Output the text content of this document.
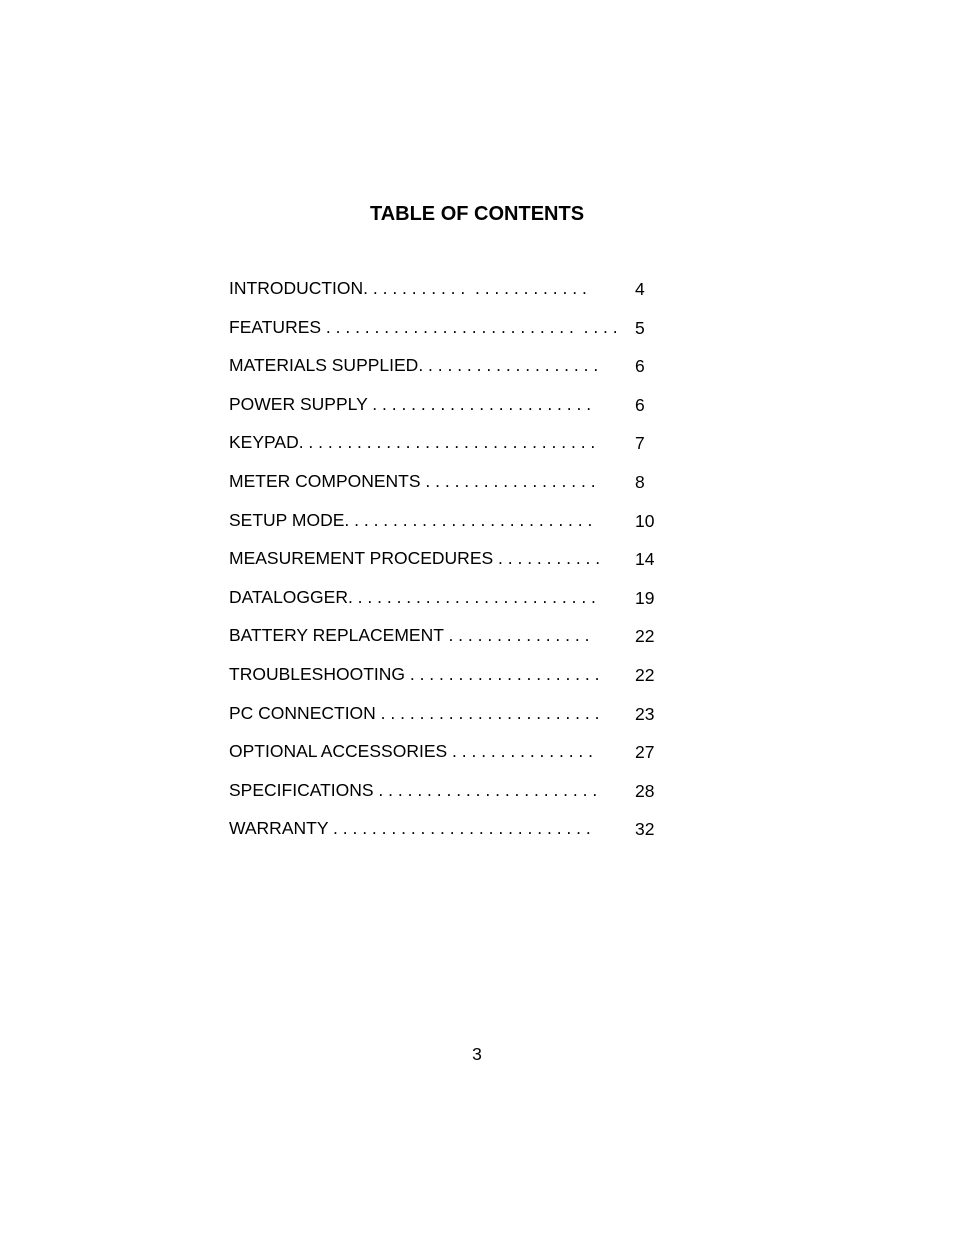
TABLE OF CONTENTS
INTRODUCTION. . . . . . . . . . .  . . . . . . . . . . . .	4
FEATURES . . . . . . . . . . . . . . . . . . . . . . . . . .  . . . . 5
MATERIALS SUPPLIED. . . . . . . . . . . . . . . . . . . 6
POWER SUPPLY . . . . . . . . . . . . . . . . . . . . . . .	6
KEYPAD. . . . . . . . . . . . . . . . . . . . . . . . . . . . . . . 7
METER COMPONENTS . . . . . . . . . . . . . . . . . . 8
SETUP MODE. . . . . . . . . . . . . . . . . . . . . . . . . . 10
MEASUREMENT PROCEDURES . . . . . . . . . . . 14
DATALOGGER. . . . . . . . . . . . . . . . . . . . . . . . . . 19
BATTERY REPLACEMENT . . . . . . . . . . . . . . .	22
TROUBLESHOOTING . . . . . . . . . . . . . . . . . . . . 22
PC CONNECTION . . . . . . . . . . . . . . . . . . . . . . . 23
OPTIONAL ACCESSORIES . . . . . . . . . . . . . . . 27
SPECIFICATIONS . . . . . . . . . . . . . . . . . . . . . . . 28
WARRANTY . . . . . . . . . . . . . . . . . . . . . . . . . . .	32
3
